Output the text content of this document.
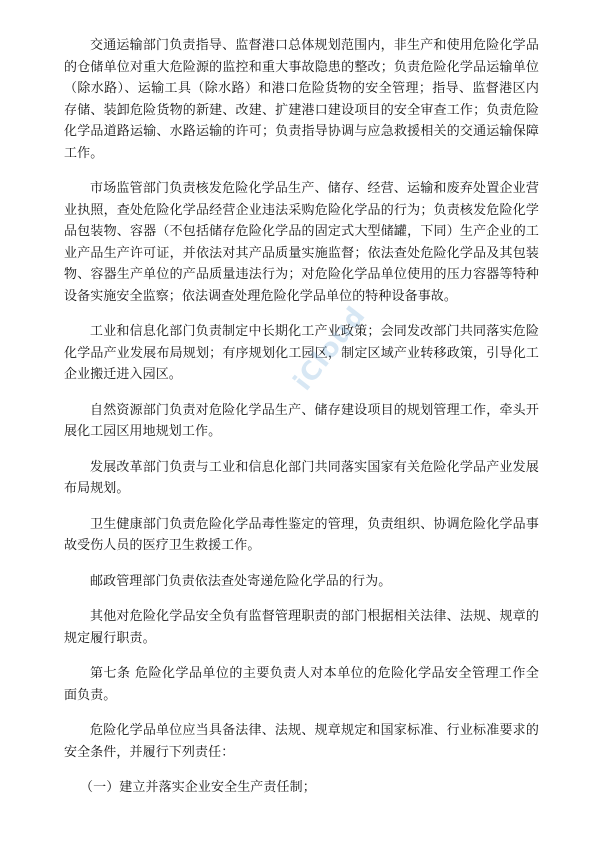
交通运输部门负责指导、监督港口总体规划范围内，非生产和使用危险化学品的仓储单位对重大危险源的监控和重大事故隐患的整改；负责危险化学品运输单位（除水路）、运输工具（除水路）和港口危险货物的安全管理；指导、监督港区内存储、装卸危险货物的新建、改建、扩建港口建设项目的安全审查工作；负责危险化学品道路运输、水路运输的许可；负责指导协调与应急救援相关的交通运输保障工作。

市场监管部门负责核发危险化学品生产、储存、经营、运输和废弃处置企业营业执照，查处危险化学品经营企业违法采购危险化学品的行为；负责核发危险化学品包装物、容器（不包括储存危险化学品的固定式大型储罐，下同）生产企业的工业产品生产许可证，并依法对其产品质量实施监督；依法查处危险化学品及其包装物、容器生产单位的产品质量违法行为；对危险化学品单位使用的压力容器等特种设备实施安全监察；依法调查处理危险化学品单位的特种设备事故。

工业和信息化部门负责制定中长期化工产业政策；会同发改部门共同落实危险化学品产业发展布局规划；有序规划化工园区，制定区域产业转移政策，引导化工企业搬迁进入园区。

自然资源部门负责对危险化学品生产、储存建设项目的规划管理工作，牵头开展化工园区用地规划工作。

发展改革部门负责与工业和信息化部门共同落实国家有关危险化学品产业发展布局规划。

卫生健康部门负责危险化学品毒性鉴定的管理，负责组织、协调危险化学品事故受伤人员的医疗卫生救援工作。

邮政管理部门负责依法查处寄递危险化学品的行为。

其他对危险化学品安全负有监督管理职责的部门根据相关法律、法规、规章的规定履行职责。

第七条 危险化学品单位的主要负责人对本单位的危险化学品安全管理工作全面负责。

危险化学品单位应当具备法律、法规、规章规定和国家标准、行业标准要求的安全条件，并履行下列责任：

（一）建立并落实企业安全生产责任制；

iCloud
